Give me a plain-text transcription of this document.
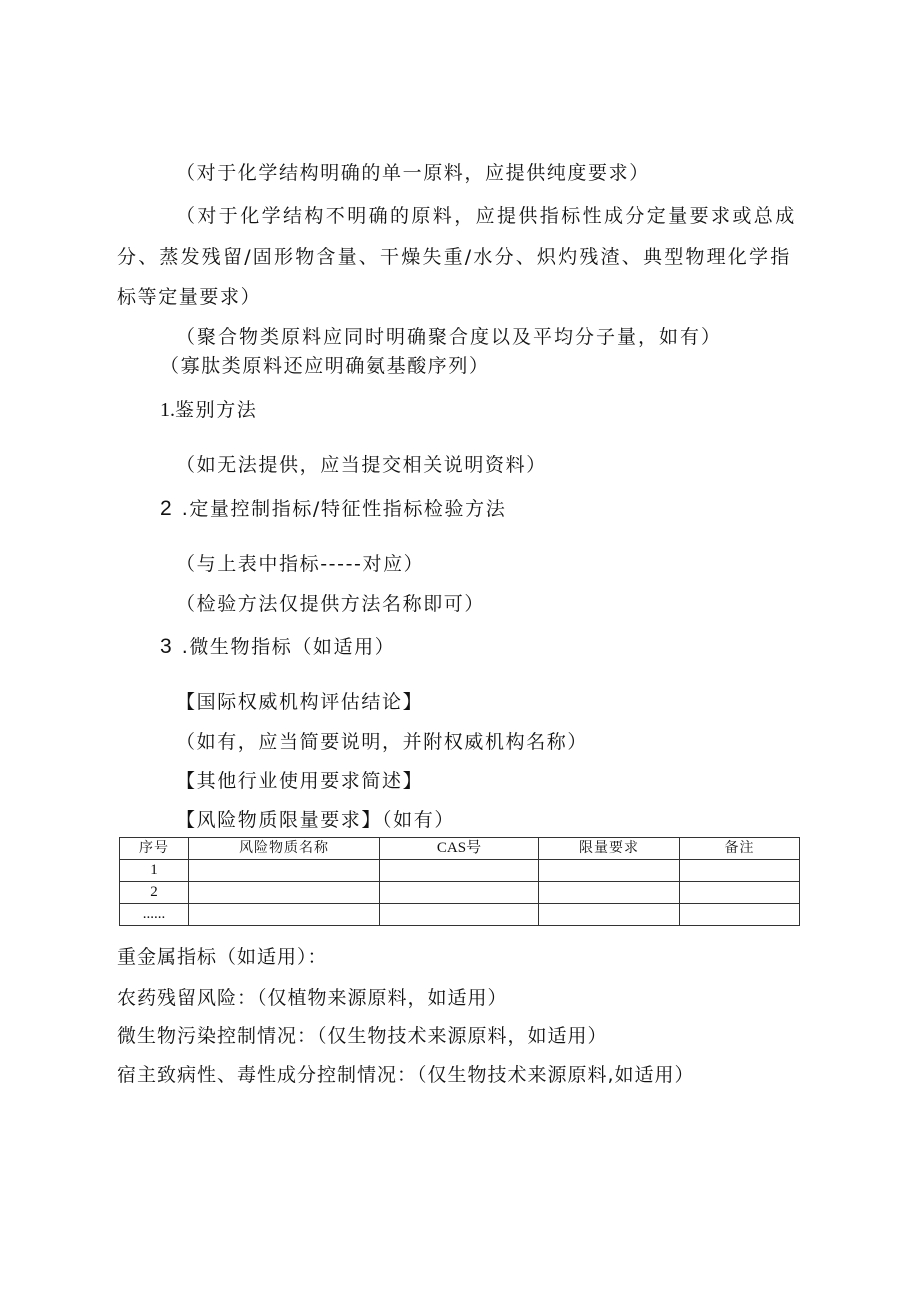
（对于化学结构明确的单一原料，应提供纯度要求）

（对于化学结构不明确的原料，应提供指标性成分定量要求或总成

分、蒸发残留/固形物含量、干燥失重/水分、炽灼残渣、典型物理化学指

标等定量要求）

（聚合物类原料应同时明确聚合度以及平均分子量，如有）

（寡肽类原料还应明确氨基酸序列）

1.鉴别方法

（如无法提供，应当提交相关说明资料）

2 .定量控制指标/特征性指标检验方法

（与上表中指标-----对应）

（检验方法仅提供方法名称即可）

3 .微生物指标（如适用）

【国际权威机构评估结论】

（如有，应当简要说明，并附权威机构名称）

【其他行业使用要求简述】

【风险物质限量要求】（如有）

序号	风险物质名称	CAS号	限量要求	备注
1				
2				
......				

重金属指标（如适用）：

农药残留风险：（仅植物来源原料，如适用）

微生物污染控制情况：（仅生物技术来源原料，如适用）

宿主致病性、毒性成分控制情况：（仅生物技术来源原料,如适用）
